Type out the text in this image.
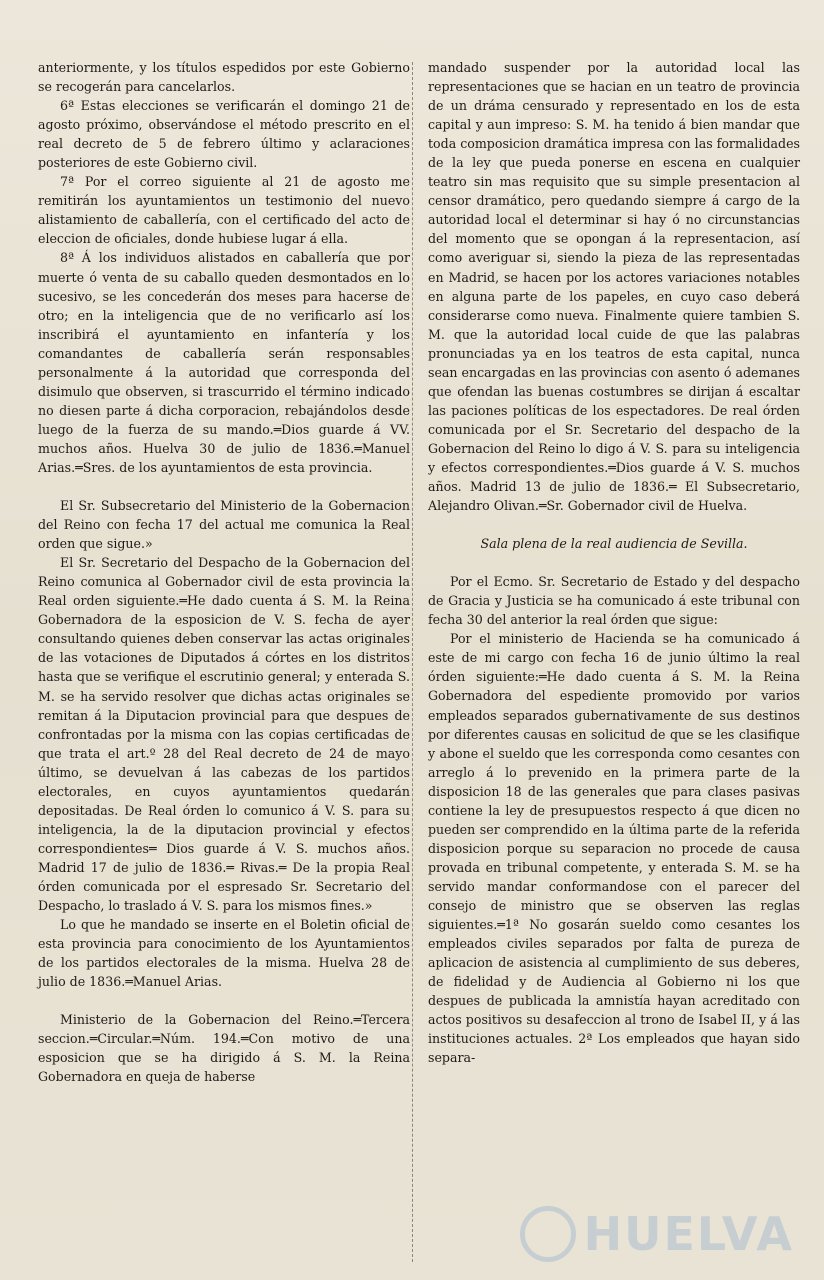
anteriormente, y los títulos espedidos por este Gobierno se recogerán para cancelarlos.

6ª Estas elecciones se verificarán el domingo 21 de agosto próximo, observándose el método prescrito en el real decreto de 5 de febrero último y aclaraciones posteriores de este Gobierno civil.

7ª Por el correo siguiente al 21 de agosto me remitirán los ayuntamientos un testimonio del nuevo alistamiento de caballería, con el certificado del acto de eleccion de oficiales, donde hubiese lugar á ella.

8ª Á los individuos alistados en caballería que por muerte ó venta de su caballo queden desmontados en lo sucesivo, se les concederán dos meses para hacerse de otro; en la inteligencia que de no verificarlo así los inscribirá el ayuntamiento en infantería y los comandantes de caballería serán responsables personalmente á la autoridad que corresponda del disimulo que observen, si trascurrido el término indicado no diesen parte á dicha corporacion, rebajándolos desde luego de la fuerza de su mando.═Dios guarde á VV. muchos años. Huelva 30 de julio de 1836.═Manuel Arias.═Sres. de los ayuntamientos de esta provincia.

El Sr. Subsecretario del Ministerio de la Gobernacion del Reino con fecha 17 del actual me comunica la Real orden que sigue.»

El Sr. Secretario del Despacho de la Gobernacion del Reino comunica al Gobernador civil de esta provincia la Real orden siguiente.═He dado cuenta á S. M. la Reina Gobernadora de la esposicion de V. S. fecha de ayer consultando quienes deben conservar las actas originales de las votaciones de Diputados á córtes en los distritos hasta que se verifique el escrutinio general; y enterada S. M. se ha servido resolver que dichas actas originales se remitan á la Diputacion provincial para que despues de confrontadas por la misma con las copias certificadas de que trata el art.º 28 del Real decreto de 24 de mayo último, se devuelvan á las cabezas de los partidos electorales, en cuyos ayuntamientos quedarán depositadas. De Real órden lo comunico á V. S. para su inteligencia, la de la diputacion provincial y efectos correspondientes═ Dios guarde á V. S. muchos años. Madrid 17 de julio de 1836.═ Rivas.═ De la propia Real órden comunicada por el espresado Sr. Secretario del Despacho, lo traslado á V. S. para los mismos fines.»

Lo que he mandado se inserte en el Boletin oficial de esta provincia para conocimiento de los Ayuntamientos de los partidos electorales de la misma. Huelva 28 de julio de 1836.═Manuel Arias.

Ministerio de la Gobernacion del Reino.═Tercera seccion.═Circular.═Núm. 194.═Con motivo de una esposicion que se ha dirigido á S. M. la Reina Gobernadora en queja de haberse

mandado suspender por la autoridad local las representaciones que se hacian en un teatro de provincia de un dráma censurado y representado en los de esta capital y aun impreso: S. M. ha tenido á bien mandar que toda composicion dramática impresa con las formalidades de la ley que pueda ponerse en escena en cualquier teatro sin mas requisito que su simple presentacion al censor dramático, pero quedando siempre á cargo de la autoridad local el determinar si hay ó no circunstancias del momento que se opongan á la representacion, así como averiguar si, siendo la pieza de las representadas en Madrid, se hacen por los actores variaciones notables en alguna parte de los papeles, en cuyo caso deberá considerarse como nueva. Finalmente quiere tambien S. M. que la autoridad local cuide de que las palabras pronunciadas ya en los teatros de esta capital, nunca sean encargadas en las provincias con asento ó ademanes que ofendan las buenas costumbres se dirijan á escaltar las paciones políticas de los espectadores. De real órden comunicada por el Sr. Secretario del despacho de la Gobernacion del Reino lo digo á V. S. para su inteligencia y efectos correspondientes.═Dios guarde á V. S. muchos años. Madrid 13 de julio de 1836.═ El Subsecretario, Alejandro Olivan.═Sr. Gobernador civil de Huelva.

Sala plena de la real audiencia de Sevilla.

Por el Ecmo. Sr. Secretario de Estado y del despacho de Gracia y Justicia se ha comunicado á este tribunal con fecha 30 del anterior la real órden que sigue:

Por el ministerio de Hacienda se ha comunicado á este de mi cargo con fecha 16 de junio último la real órden siguiente:═He dado cuenta á S. M. la Reina Gobernadora del espediente promovido por varios empleados separados gubernativamente de sus destinos por diferentes causas en solicitud de que se les clasifique y abone el sueldo que les corresponda como cesantes con arreglo á lo prevenido en la primera parte de la disposicion 18 de las generales que para clases pasivas contiene la ley de presupuestos respecto á que dicen no pueden ser comprendido en la última parte de la referida disposicion porque su separacion no procede de causa provada en tribunal competente, y enterada S. M. se ha servido mandar conformandose con el parecer del consejo de ministro que se observen las reglas siguientes.═1ª No gosarán sueldo como cesantes los empleados civiles separados por falta de pureza de aplicacion de asistencia al cumplimiento de sus deberes, de fidelidad y de Audiencia al Gobierno ni los que despues de publicada la amnistía hayan acreditado con actos positivos su desafeccion al trono de Isabel II, y á las instituciones actuales. 2ª Los empleados que hayan sido separa-

HUELVA
